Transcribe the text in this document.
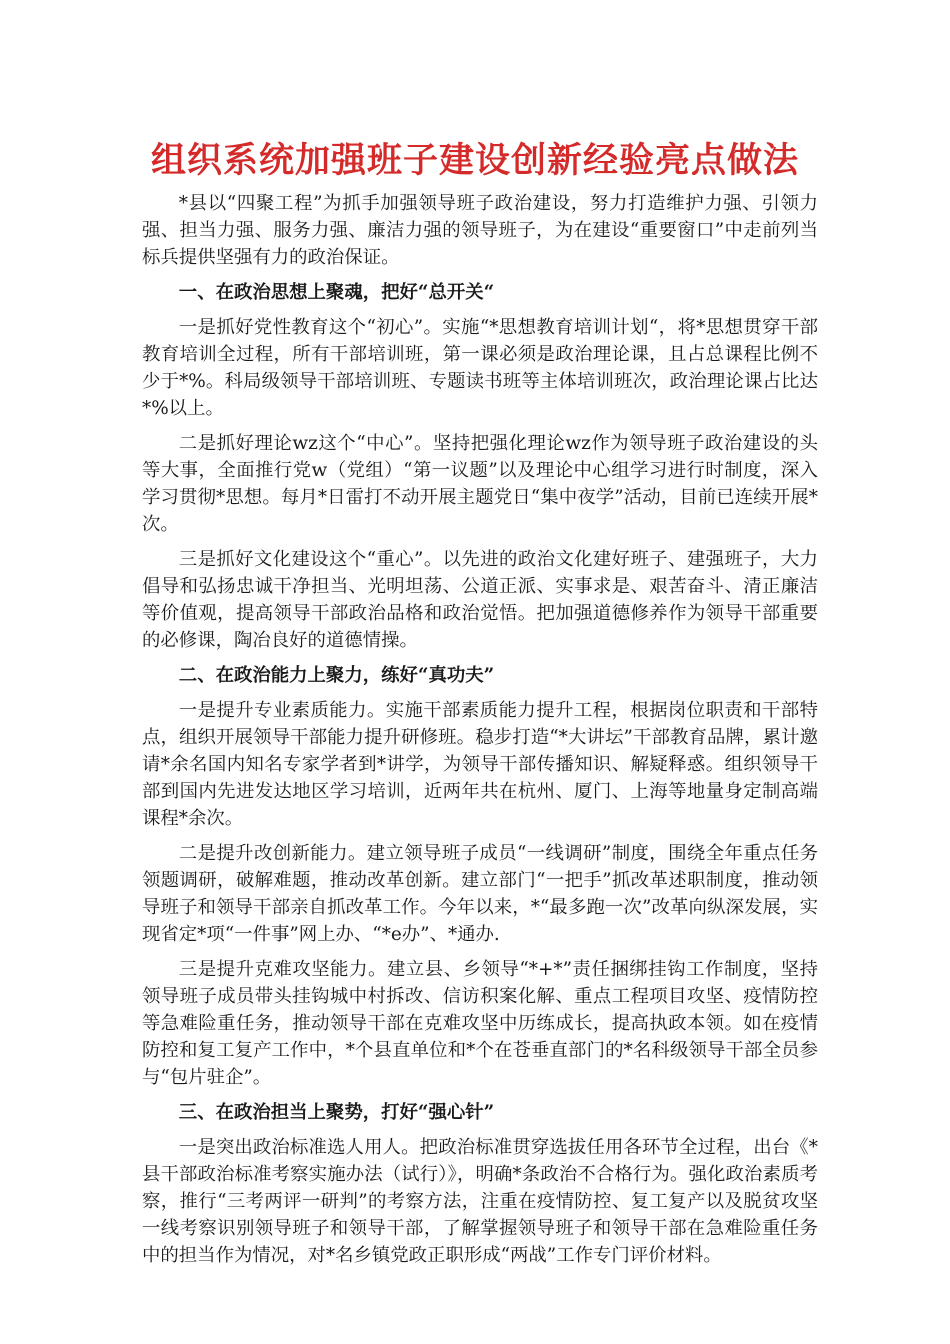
组织系统加强班子建设创新经验亮点做法

*县以“四聚工程”为抓手加强领导班子政治建设，努力打造维护力强、引领力强、担当力强、服务力强、廉洁力强的领导班子，为在建设“重要窗口”中走前列当标兵提供坚强有力的政治保证。

一、在政治思想上聚魂，把好“总开关“

一是抓好党性教育这个“初心”。实施“*思想教育培训计划“，将*思想贯穿干部教育培训全过程，所有干部培训班，第一课必须是政治理论课，且占总课程比例不少于*%。科局级领导干部培训班、专题读书班等主体培训班次，政治理论课占比达*%以上。

二是抓好理论wz这个“中心”。坚持把强化理论wz作为领导班子政治建设的头等大事，全面推行党w（党组）“第一议题”以及理论中心组学习进行时制度，深入学习贯彻*思想。每月*日雷打不动开展主题党日“集中夜学”活动，目前已连续开展*次。

三是抓好文化建设这个“重心”。以先进的政治文化建好班子、建强班子，大力倡导和弘扬忠诚干净担当、光明坦荡、公道正派、实事求是、艰苦奋斗、清正廉洁等价值观，提高领导干部政治品格和政治觉悟。把加强道德修养作为领导干部重要的必修课，陶冶良好的道德情操。

二、在政治能力上聚力，练好“真功夫”

一是提升专业素质能力。实施干部素质能力提升工程，根据岗位职责和干部特点，组织开展领导干部能力提升研修班。稳步打造“*大讲坛”干部教育品牌，累计邀请*余名国内知名专家学者到*讲学，为领导干部传播知识、解疑释惑。组织领导干部到国内先进发达地区学习培训，近两年共在杭州、厦门、上海等地量身定制高端课程*余次。

二是提升改创新能力。建立领导班子成员“一线调研”制度，围绕全年重点任务领题调研，破解难题，推动改革创新。建立部门“一把手”抓改革述职制度，推动领导班子和领导干部亲自抓改革工作。今年以来，*“最多跑一次”改革向纵深发展，实现省定*项“一件事”网上办、“*e办”、*通办.

三是提升克难攻坚能力。建立县、乡领导“*+*”责任捆绑挂钩工作制度，坚持领导班子成员带头挂钩城中村拆改、信访积案化解、重点工程项目攻坚、疫情防控等急难险重任务，推动领导干部在克难攻坚中历练成长，提高执政本领。如在疫情防控和复工复产工作中，*个县直单位和*个在苍垂直部门的*名科级领导干部全员参与“包片驻企”。

三、在政治担当上聚势，打好“强心针”

一是突出政治标准选人用人。把政治标准贯穿选拔任用各环节全过程，出台《*县干部政治标准考察实施办法（试行）》，明确*条政治不合格行为。强化政治素质考察，推行“三考两评一研判”的考察方法，注重在疫情防控、复工复产以及脱贫攻坚一线考察识别领导班子和领导干部，了解掌握领导班子和领导干部在急难险重任务中的担当作为情况，对*名乡镇党政正职形成“两战”工作专门评价材料。
